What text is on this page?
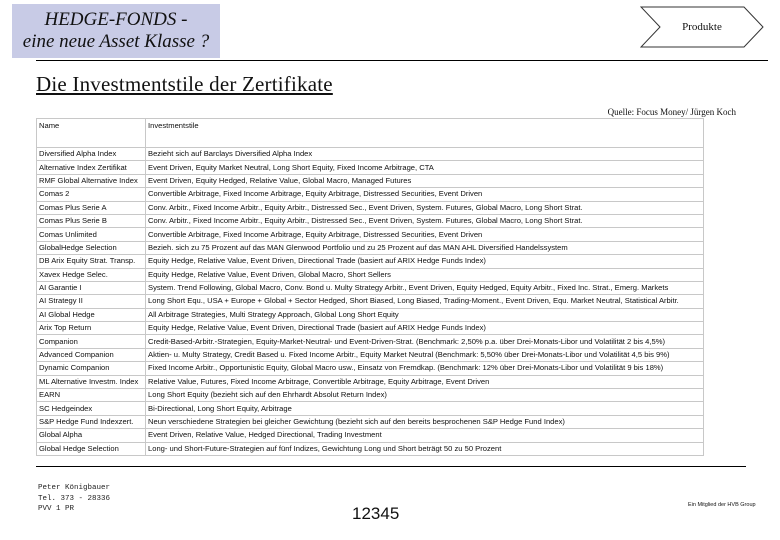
HEDGE-FONDS -
eine neue Asset Klasse ?
Produkte
Die Investmentstile der Zertifikate
Quelle: Focus Money/ Jürgen Koch
Name	Investmentstile
Diversified Alpha Index	Bezieht sich auf Barclays Diversified Alpha Index
Alternative Index Zertifikat	Event Driven, Equity Market Neutral, Long Short Equity, Fixed Income Arbitrage, CTA
RMF Global Alternative Index	Event Driven, Equity Hedged, Relative Value, Global Macro, Managed Futures
Comas 2	Convertible Arbitrage, Fixed Income Arbitrage, Equity Arbitrage, Distressed Securities, Event Driven
Comas Plus Serie A	Conv. Arbitr., Fixed Income Arbitr., Equity Arbitr., Distressed Sec., Event Driven, System. Futures, Global Macro, Long Short Strat.
Comas Plus Serie B	Conv. Arbitr., Fixed Income Arbitr., Equity Arbitr., Distressed Sec., Event Driven, System. Futures, Global Macro, Long Short Strat.
Comas Unlimited	Convertible Arbitrage, Fixed Income Arbitrage, Equity Arbitrage, Distressed Securities, Event Driven
GlobalHedge Selection	Bezieh. sich zu 75 Prozent auf das MAN Glenwood Portfolio und zu 25 Prozent auf das MAN AHL Diversified Handelssystem
DB Arix Equity Strat. Transp.	Equity Hedge, Relative Value, Event Driven, Directional Trade (basiert auf ARIX Hedge Funds Index)
Xavex Hedge Selec.	Equity Hedge, Relative Value, Event Driven, Global Macro, Short Sellers
AI Garantie I	System. Trend Following, Global Macro, Conv. Bond u. Multy Strategy Arbitr., Event Driven, Equity Hedged, Equity Arbitr., Fixed Inc. Strat., Emerg. Markets
AI Strategy II	Long Short Equ., USA + Europe + Global + Sector Hedged, Short Biased, Long Biased, Trading-Moment., Event Driven, Equ. Market Neutral, Statistical Arbitr.
AI Global Hedge	All Arbitrage Strategies, Multi Strategy Approach, Global Long Short Equity
Arix Top Return	Equity Hedge, Relative Value, Event Driven, Directional Trade (basiert auf ARIX Hedge Funds Index)
Companion	Credit-Based-Arbitr.-Strategien, Equity-Market-Neutral- und Event-Driven-Strat. (Benchmark: 2,50% p.a. über Drei-Monats-Libor und Volatilität 2 bis 4,5%)
Advanced Companion	Aktien- u. Multy Strategy, Credit Based u. Fixed Income Arbitr., Equity Market Neutral (Benchmark: 5,50% über Drei-Monats-Libor und Volatilität 4,5 bis 9%)
Dynamic Companion	Fixed Income Arbitr., Opportunistic Equity, Global Macro usw., Einsatz von Fremdkap. (Benchmark: 12% über Drei-Monats-Libor und Volatilität 9 bis 18%)
ML Alternative Investm. Index	Relative Value, Futures, Fixed Income Arbitrage, Convertible Arbitrage, Equity Arbitrage, Event Driven
EARN	Long Short Equity (bezieht sich auf den Ehrhardt Absolut Return Index)
SC Hedgeindex	Bi-Directional, Long Short Equity, Arbitrage
S&P Hedge Fund Indexzert.	Neun verschiedene Strategien bei gleicher Gewichtung (bezieht sich auf den bereits besprochenen S&P Hedge Fund Index)
Global Alpha	Event Driven, Relative Value, Hedged Directional, Trading Investment
Global Hedge Selection	Long- und Short-Future-Strategien auf fünf Indizes, Gewichtung Long und Short beträgt 50 zu 50 Prozent
Peter Königbauer
Tel. 373 - 28336
PVV 1 PR	12345	Ein Mitglied der HVB Group
